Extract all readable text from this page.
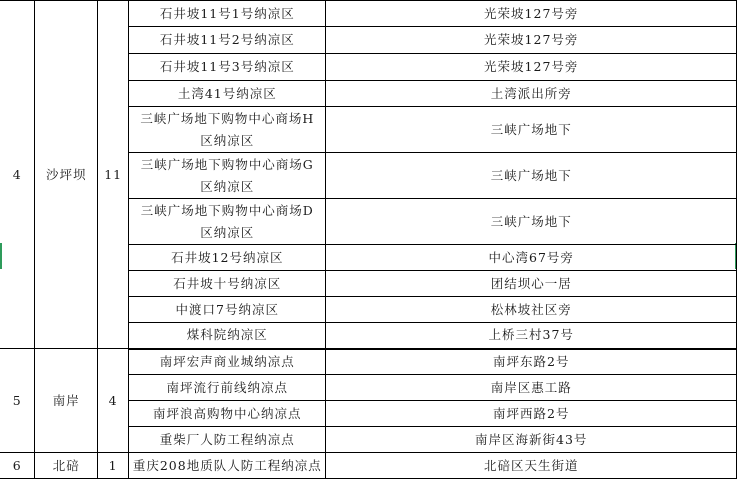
4	沙坪坝	11	石井坡11号1号纳凉区	光荣坡127号旁
			石井坡11号2号纳凉区	光荣坡127号旁
			石井坡11号3号纳凉区	光荣坡127号旁
			土湾41号纳凉区	土湾派出所旁
			三峡广场地下购物中心商场H区纳凉区	三峡广场地下
			三峡广场地下购物中心商场G区纳凉区	三峡广场地下
			三峡广场地下购物中心商场D区纳凉区	三峡广场地下
			石井坡12号纳凉区	中心湾67号旁
			石井坡十号纳凉区	团结坝心一居
			中渡口7号纳凉区	松林坡社区旁
			煤科院纳凉区	上桥三村37号
5	南岸	4	南坪宏声商业城纳凉点	南坪东路2号
			南坪流行前线纳凉点	南岸区惠工路
			南坪浪高购物中心纳凉点	南坪西路2号
			重柴厂人防工程纳凉点	南岸区海新街43号
6	北碚	1	重庆208地质队人防工程纳凉点	北碚区天生街道
